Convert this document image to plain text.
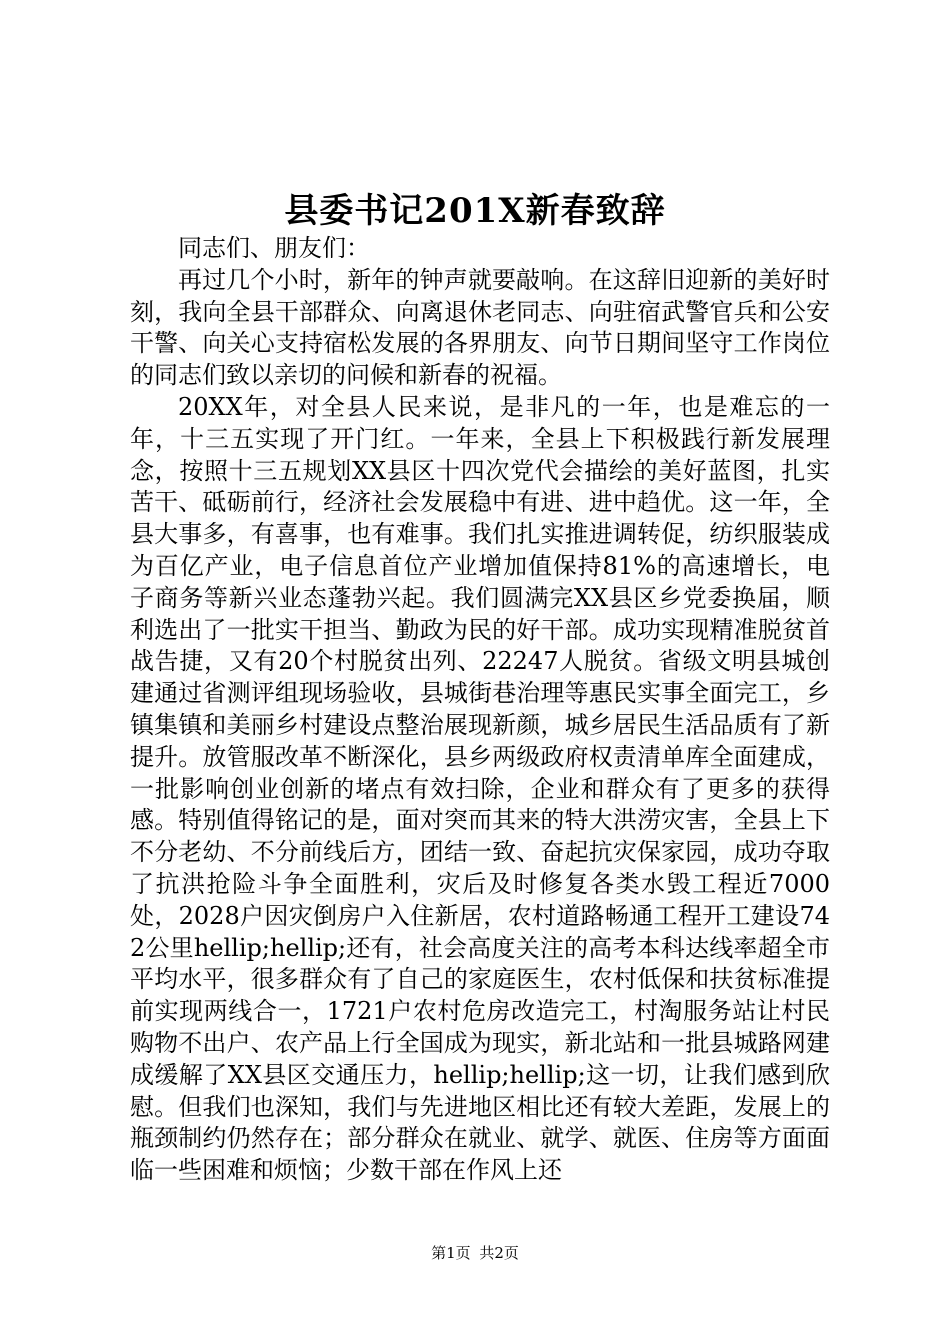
县委书记201X新春致辞

同志们、朋友们：

再过几个小时，新年的钟声就要敲响。在这辞旧迎新的美好时刻，我向全县干部群众、向离退休老同志、向驻宿武警官兵和公安干警、向关心支持宿松发展的各界朋友、向节日期间坚守工作岗位的同志们致以亲切的问候和新春的祝福。

20XX年，对全县人民来说，是非凡的一年，也是难忘的一年，十三五实现了开门红。一年来，全县上下积极践行新发展理念，按照十三五规划XX县区十四次党代会描绘的美好蓝图，扎实苦干、砥砺前行，经济社会发展稳中有进、进中趋优。这一年，全县大事多，有喜事，也有难事。我们扎实推进调转促，纺织服装成为百亿产业，电子信息首位产业增加值保持81%的高速增长，电子商务等新兴业态蓬勃兴起。我们圆满完XX县区乡党委换届，顺利选出了一批实干担当、勤政为民的好干部。成功实现精准脱贫首战告捷，又有20个村脱贫出列、22247人脱贫。省级文明县城创建通过省测评组现场验收，县城街巷治理等惠民实事全面完工，乡镇集镇和美丽乡村建设点整治展现新颜，城乡居民生活品质有了新提升。放管服改革不断深化，县乡两级政府权责清单库全面建成，一批影响创业创新的堵点有效扫除，企业和群众有了更多的获得感。特别值得铭记的是，面对突而其来的特大洪涝灾害，全县上下不分老幼、不分前线后方，团结一致、奋起抗灾保家园，成功夺取了抗洪抢险斗争全面胜利，灾后及时修复各类水毁工程近7000处，2028户因灾倒房户入住新居，农村道路畅通工程开工建设742公里hellip;hellip;还有，社会高度关注的高考本科达线率超全市平均水平，很多群众有了自己的家庭医生，农村低保和扶贫标准提前实现两线合一，1721户农村危房改造完工，村淘服务站让村民购物不出户、农产品上行全国成为现实，新北站和一批县城路网建成缓解了XX县区交通压力，hellip;hellip;这一切，让我们感到欣慰。但我们也深知，我们与先进地区相比还有较大差距，发展上的瓶颈制约仍然存在；部分群众在就业、就学、就医、住房等方面面临一些困难和烦恼；少数干部在作风上还

第1页 共2页
